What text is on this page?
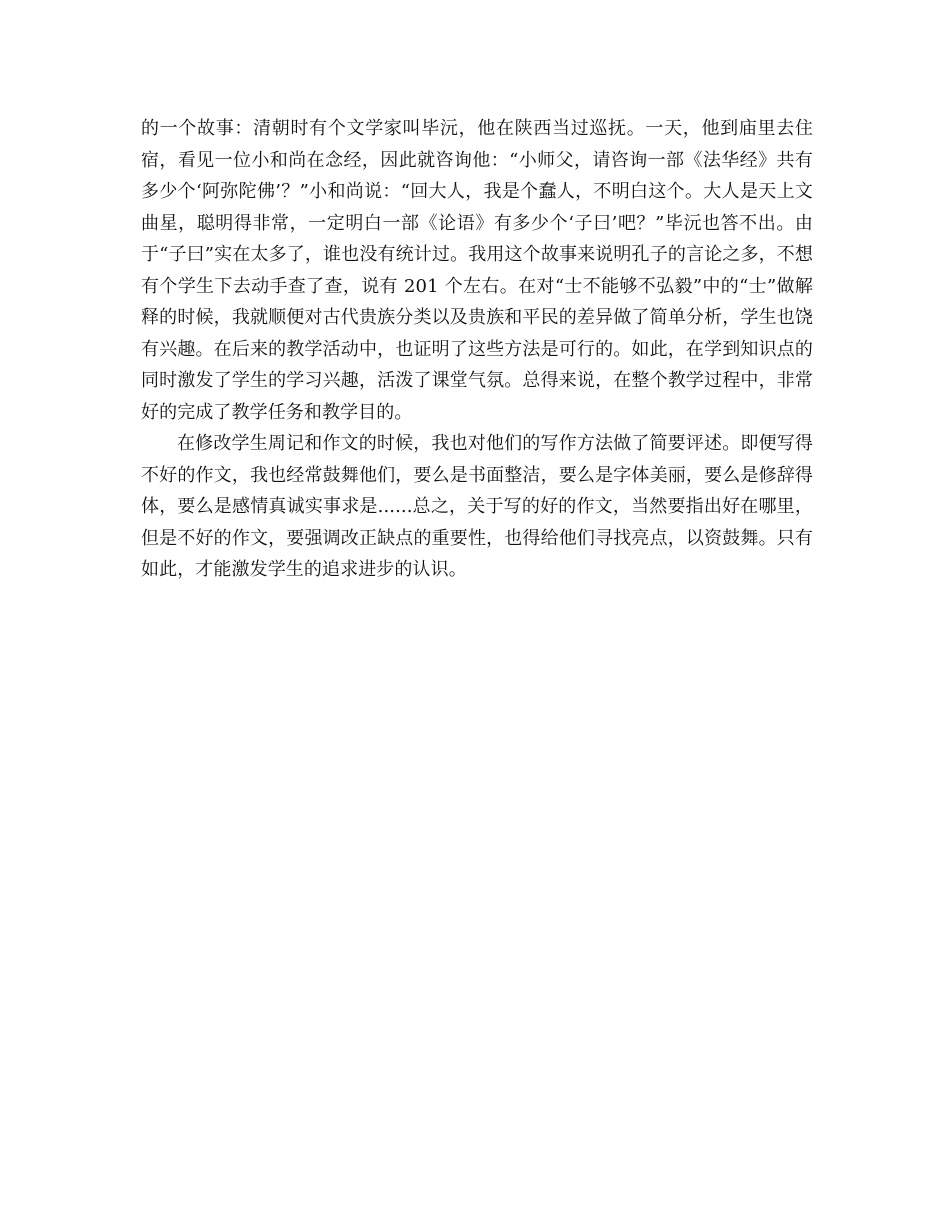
的一个故事：清朝时有个文学家叫毕沅，他在陕西当过巡抚。一天，他到庙里去住宿，看见一位小和尚在念经，因此就咨询他：“小师父，请咨询一部《法华经》共有多少个‘阿弥陀佛’？”小和尚说：“回大人，我是个蠢人，不明白这个。大人是天上文曲星，聪明得非常，一定明白一部《论语》有多少个‘子曰’吧？”毕沅也答不出。由于“子曰”实在太多了，谁也没有统计过。我用这个故事来说明孔子的言论之多，不想有个学生下去动手查了查，说有 201 个左右。在对“士不能够不弘毅”中的“士”做解释的时候，我就顺便对古代贵族分类以及贵族和平民的差异做了简单分析，学生也饶有兴趣。在后来的教学活动中，也证明了这些方法是可行的。如此，在学到知识点的同时激发了学生的学习兴趣，活泼了课堂气氛。总得来说，在整个教学过程中，非常好的完成了教学任务和教学目的。

在修改学生周记和作文的时候，我也对他们的写作方法做了简要评述。即便写得不好的作文，我也经常鼓舞他们，要么是书面整洁，要么是字体美丽，要么是修辞得体，要么是感情真诚实事求是......总之，关于写的好的作文，当然要指出好在哪里，但是不好的作文，要强调改正缺点的重要性，也得给他们寻找亮点，以资鼓舞。只有如此，才能激发学生的追求进步的认识。
